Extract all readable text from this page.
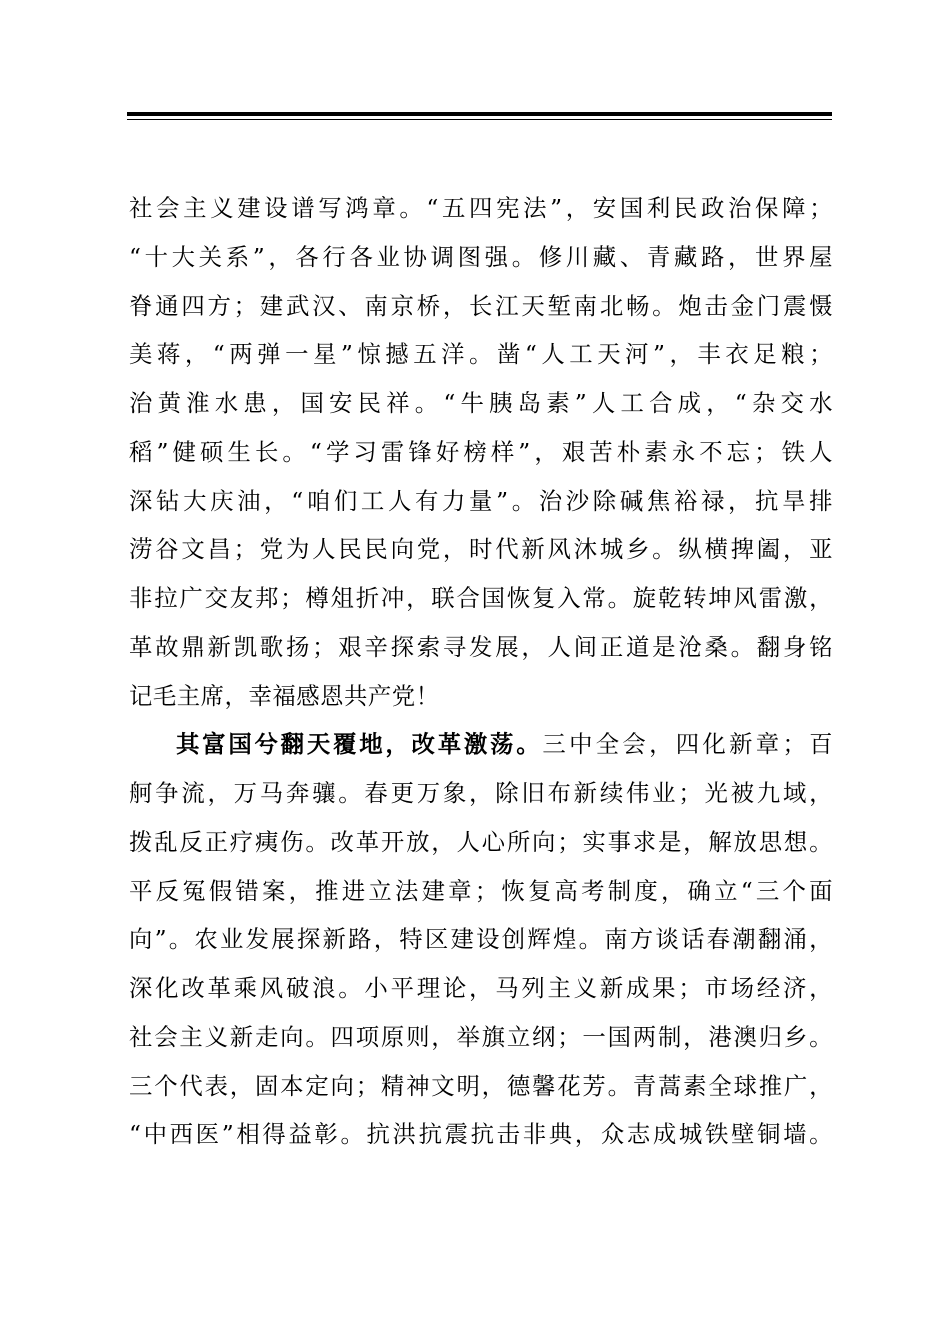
社会主义建设谱写鸿章。“五四宪法”，安国利民政治保障；
“十大关系”，各行各业协调图强。修川藏、青藏路，世界屋
脊通四方；建武汉、南京桥，长江天堑南北畅。炮击金门震慑
美蒋，“两弹一星”惊撼五洋。凿“人工天河”，丰衣足粮；
治黄淮水患，国安民祥。“牛胰岛素”人工合成，“杂交水
稻”健硕生长。“学习雷锋好榜样”，艰苦朴素永不忘；铁人
深钻大庆油，“咱们工人有力量”。治沙除碱焦裕禄，抗旱排
涝谷文昌；党为人民民向党，时代新风沐城乡。纵横捭阖，亚
非拉广交友邦；樽俎折冲，联合国恢复入常。旋乾转坤风雷激，
革故鼎新凯歌扬；艰辛探索寻发展，人间正道是沧桑。翻身铭
记毛主席，幸福感恩共产党！
其富国兮翻天覆地，改革激荡。三中全会，四化新章；百
舸争流，万马奔骧。春更万象，除旧布新续伟业；光被九域，
拨乱反正疗痍伤。改革开放，人心所向；实事求是，解放思想。
平反冤假错案，推进立法建章；恢复高考制度，确立“三个面
向”。农业发展探新路，特区建设创辉煌。南方谈话春潮翻涌，
深化改革乘风破浪。小平理论，马列主义新成果；市场经济，
社会主义新走向。四项原则，举旗立纲；一国两制，港澳归乡。
三个代表，固本定向；精神文明，德馨花芳。青蒿素全球推广，
“中西医”相得益彰。抗洪抗震抗击非典，众志成城铁壁铜墙。
